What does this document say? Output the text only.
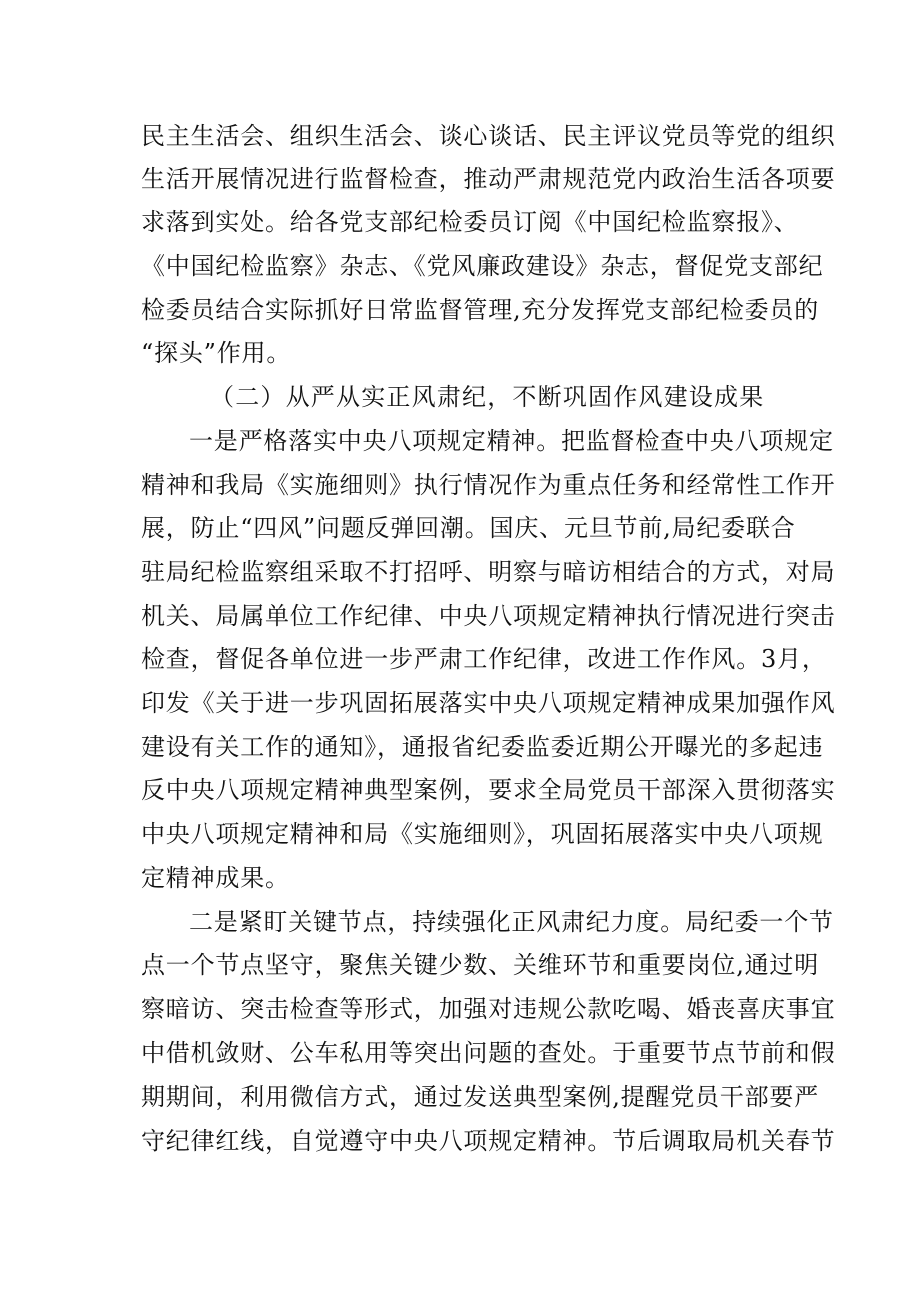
民主生活会、组织生活会、谈心谈话、民主评议党员等党的组织
生活开展情况进行监督检查，推动严肃规范党内政治生活各项要
求落到实处。给各党支部纪检委员订阅《中国纪检监察报》、
《中国纪检监察》杂志、《党风廉政建设》杂志，督促党支部纪
检委员结合实际抓好日常监督管理,充分发挥党支部纪检委员的
“探头”作用。
（二）从严从实正风肃纪，不断巩固作风建设成果
一是严格落实中央八项规定精神。把监督检查中央八项规定
精神和我局《实施细则》执行情况作为重点任务和经常性工作开
展，防止“四风”问题反弹回潮。国庆、元旦节前,局纪委联合
驻局纪检监察组采取不打招呼、明察与暗访相结合的方式，对局
机关、局属单位工作纪律、中央八项规定精神执行情况进行突击
检查，督促各单位进一步严肃工作纪律，改进工作作风。3月，
印发《关于进一步巩固拓展落实中央八项规定精神成果加强作风
建设有关工作的通知》，通报省纪委监委近期公开曝光的多起违
反中央八项规定精神典型案例，要求全局党员干部深入贯彻落实
中央八项规定精神和局《实施细则》，巩固拓展落实中央八项规
定精神成果。
二是紧盯关键节点，持续强化正风肃纪力度。局纪委一个节
点一个节点坚守，聚焦关键少数、关维环节和重要岗位,通过明
察暗访、突击检查等形式，加强对违规公款吃喝、婚丧喜庆事宜
中借机敛财、公车私用等突出问题的查处。于重要节点节前和假
期期间，利用微信方式，通过发送典型案例,提醒党员干部要严
守纪律红线，自觉遵守中央八项规定精神。节后调取局机关春节
